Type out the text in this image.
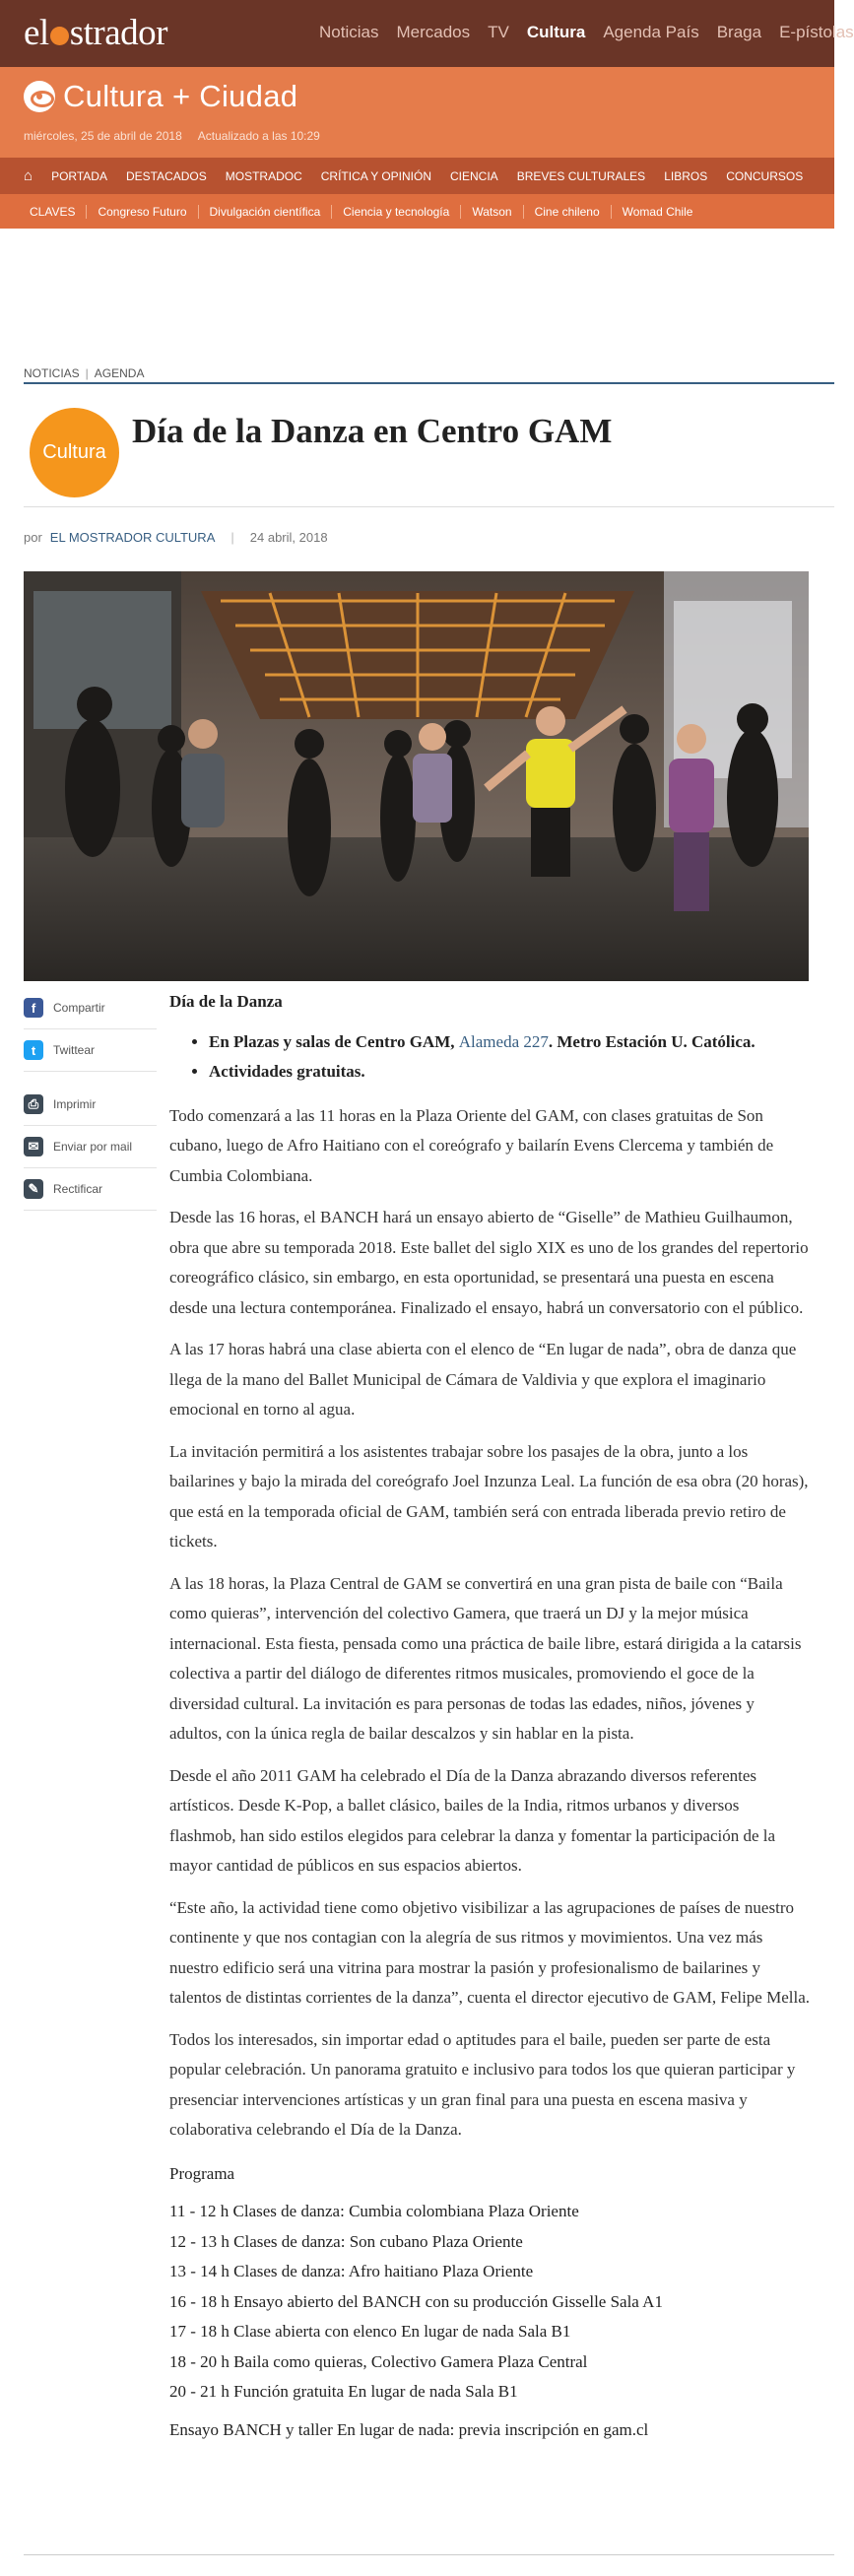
el strador	Noticias Mercados TV Cultura Agenda País Braga E-pístolas
Cultura + Ciudad
miércoles, 25 de abril de 2018 Actualizado a las 10:29
⌂ PORTADA DESTACADOS MOSTRADOC CRÍTICA Y OPINIÓN CIENCIA BREVES CULTURALES LIBROS CONCURSOS
CLAVES	Congreso Futuro	Divulgación científica	Ciencia y tecnología	Watson	Cine chileno	Womad Chile
NOTICIAS | AGENDA
Cultura
Día de la Danza en Centro GAM
por EL MOSTRADOR CULTURA | 24 abril, 2018
f	Compartir
t	Twittear
⎙	Imprimir
✉	Enviar por mail
✎	Rectificar
Día de la Danza
• En Plazas y salas de Centro GAM, Alameda 227. Metro Estación U. Católica.
• Actividades gratuitas.

Todo comenzará a las 11 horas en la Plaza Oriente del GAM, con clases gratuitas de Son cubano, luego de Afro Haitiano con el coreógrafo y bailarín Evens Clercema y también de Cumbia Colombiana.

Desde las 16 horas, el BANCH hará un ensayo abierto de “Giselle” de Mathieu Guilhaumon, obra que abre su temporada 2018. Este ballet del siglo XIX es uno de los grandes del repertorio coreográfico clásico, sin embargo, en esta oportunidad, se presentará una puesta en escena desde una lectura contemporánea. Finalizado el ensayo, habrá un conversatorio con el público.

A las 17 horas habrá una clase abierta con el elenco de “En lugar de nada”, obra de danza que llega de la mano del Ballet Municipal de Cámara de Valdivia y que explora el imaginario emocional en torno al agua.

La invitación permitirá a los asistentes trabajar sobre los pasajes de la obra, junto a los bailarines y bajo la mirada del coreógrafo Joel Inzunza Leal. La función de esa obra (20 horas), que está en la temporada oficial de GAM, también será con entrada liberada previo retiro de tickets.

A las 18 horas, la Plaza Central de GAM se convertirá en una gran pista de baile con “Baila como quieras”, intervención del colectivo Gamera, que traerá un DJ y la mejor música internacional. Esta fiesta, pensada como una práctica de baile libre, estará dirigida a la catarsis colectiva a partir del diálogo de diferentes ritmos musicales, promoviendo el goce de la diversidad cultural. La invitación es para personas de todas las edades, niños, jóvenes y adultos, con la única regla de bailar descalzos y sin hablar en la pista.

Desde el año 2011 GAM ha celebrado el Día de la Danza abrazando diversos referentes artísticos. Desde K-Pop, a ballet clásico, bailes de la India, ritmos urbanos y diversos flashmob, han sido estilos elegidos para celebrar la danza y fomentar la participación de la mayor cantidad de públicos en sus espacios abiertos.

“Este año, la actividad tiene como objetivo visibilizar a las agrupaciones de países de nuestro continente y que nos contagian con la alegría de sus ritmos y movimientos. Una vez más nuestro edificio será una vitrina para mostrar la pasión y profesionalismo de bailarines y talentos de distintas corrientes de la danza”, cuenta el director ejecutivo de GAM, Felipe Mella.

Todos los interesados, sin importar edad o aptitudes para el baile, pueden ser parte de esta popular celebración. Un panorama gratuito e inclusivo para todos los que quieran participar y presenciar intervenciones artísticas y un gran final para una puesta en escena masiva y colaborativa celebrando el Día de la Danza.

Programa
11 - 12 h Clases de danza: Cumbia colombiana Plaza Oriente
12 - 13 h Clases de danza: Son cubano Plaza Oriente
13 - 14 h Clases de danza: Afro haitiano Plaza Oriente
16 - 18 h Ensayo abierto del BANCH con su producción Gisselle Sala A1
17 - 18 h Clase abierta con elenco En lugar de nada Sala B1
18 - 20 h Baila como quieras, Colectivo Gamera Plaza Central
20 - 21 h Función gratuita En lugar de nada Sala B1
Ensayo BANCH y taller En lugar de nada: previa inscripción en gam.cl
